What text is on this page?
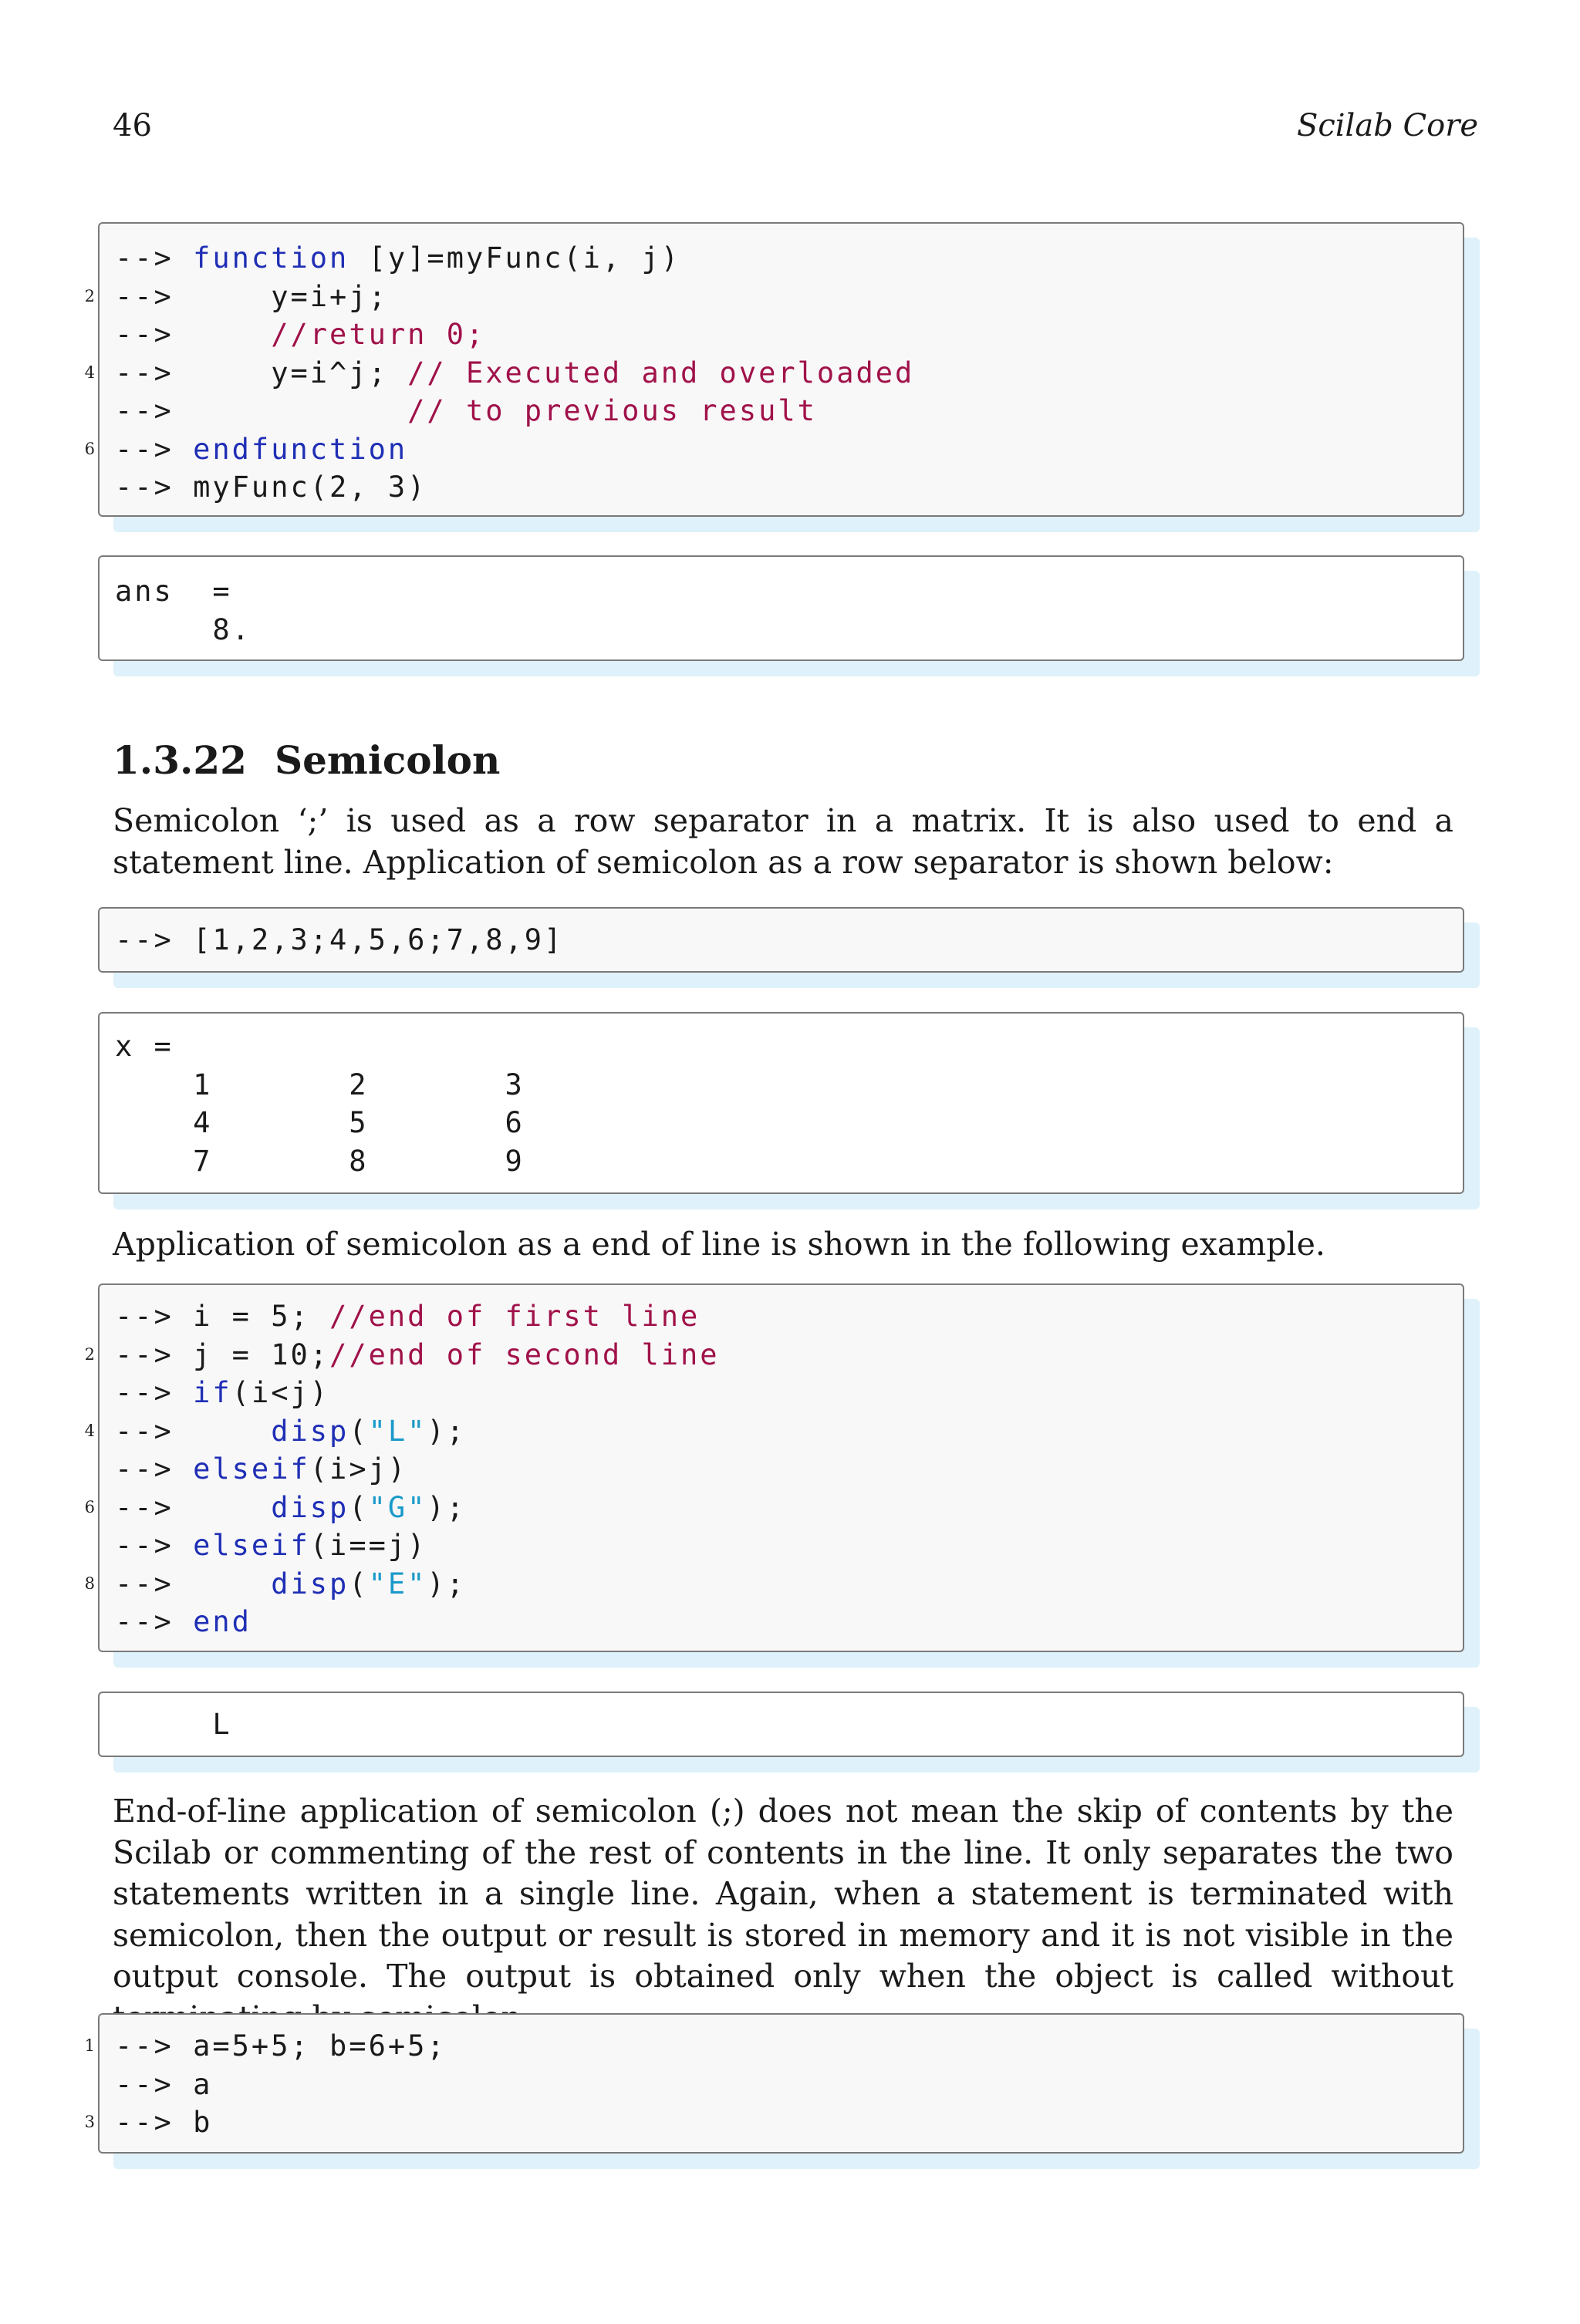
46	Scilab Core
--> function [y]=myFunc(i, j)
2 -->     y=i+j;
-->     //return 0;
4 -->     y=i^j; // Executed and overloaded
-->            // to previous result
6 --> endfunction
--> myFunc(2, 3)
ans  =
8.
1.3.22 Semicolon
Semicolon ‘;’ is used as a row separator in a matrix. It is also used to end a statement line. Application of semicolon as a row separator is shown below:
--> [1,2,3;4,5,6;7,8,9]
x =
1       2       3
4       5       6
7       8       9
Application of semicolon as a end of line is shown in the following example.
--> i = 5; //end of first line
2 --> j = 10;//end of second line
--> if(i<j)
4 -->     disp("L");
--> elseif(i>j)
6 -->     disp("G");
--> elseif(i==j)
8 -->     disp("E");
--> end
L
End-of-line application of semicolon (;) does not mean the skip of contents by the Scilab or commenting of the rest of contents in the line. It only separates the two statements written in a single line. Again, when a statement is terminated with semicolon, then the output or result is stored in memory and it is not visible in the output console. The output is obtained only when the object is called without
1 --> a=5+5; b=6+5;
--> a
3 --> b
